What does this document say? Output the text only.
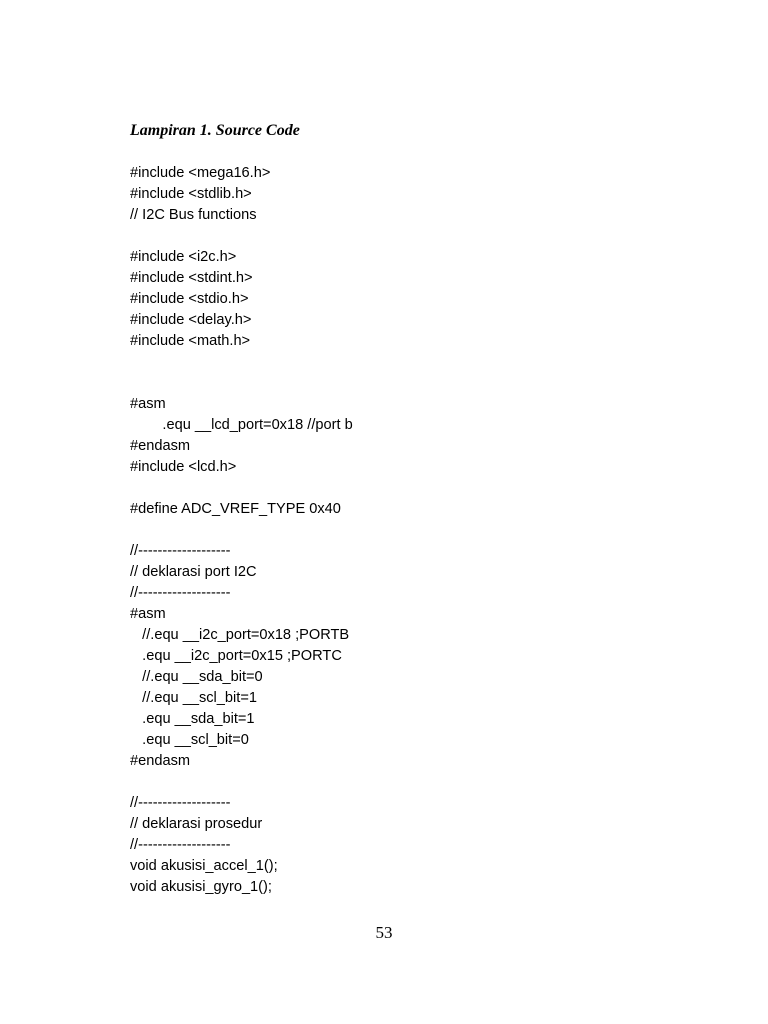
Lampiran 1. Source Code
#include <mega16.h>
#include <stdlib.h>
// I2C Bus functions
#include <i2c.h>
#include <stdint.h>
#include <stdio.h>
#include <delay.h>
#include <math.h>
#asm
.equ __lcd_port=0x18 //port b
#endasm
#include <lcd.h>
#define ADC_VREF_TYPE 0x40
//-------------------
// deklarasi port I2C
//-------------------
#asm
//.equ __i2c_port=0x18 ;PORTB
.equ __i2c_port=0x15 ;PORTC
//.equ __sda_bit=0
//.equ __scl_bit=1
.equ __sda_bit=1
.equ __scl_bit=0
#endasm
//-------------------
// deklarasi prosedur
//-------------------
void akusisi_accel_1();
void akusisi_gyro_1();
53
